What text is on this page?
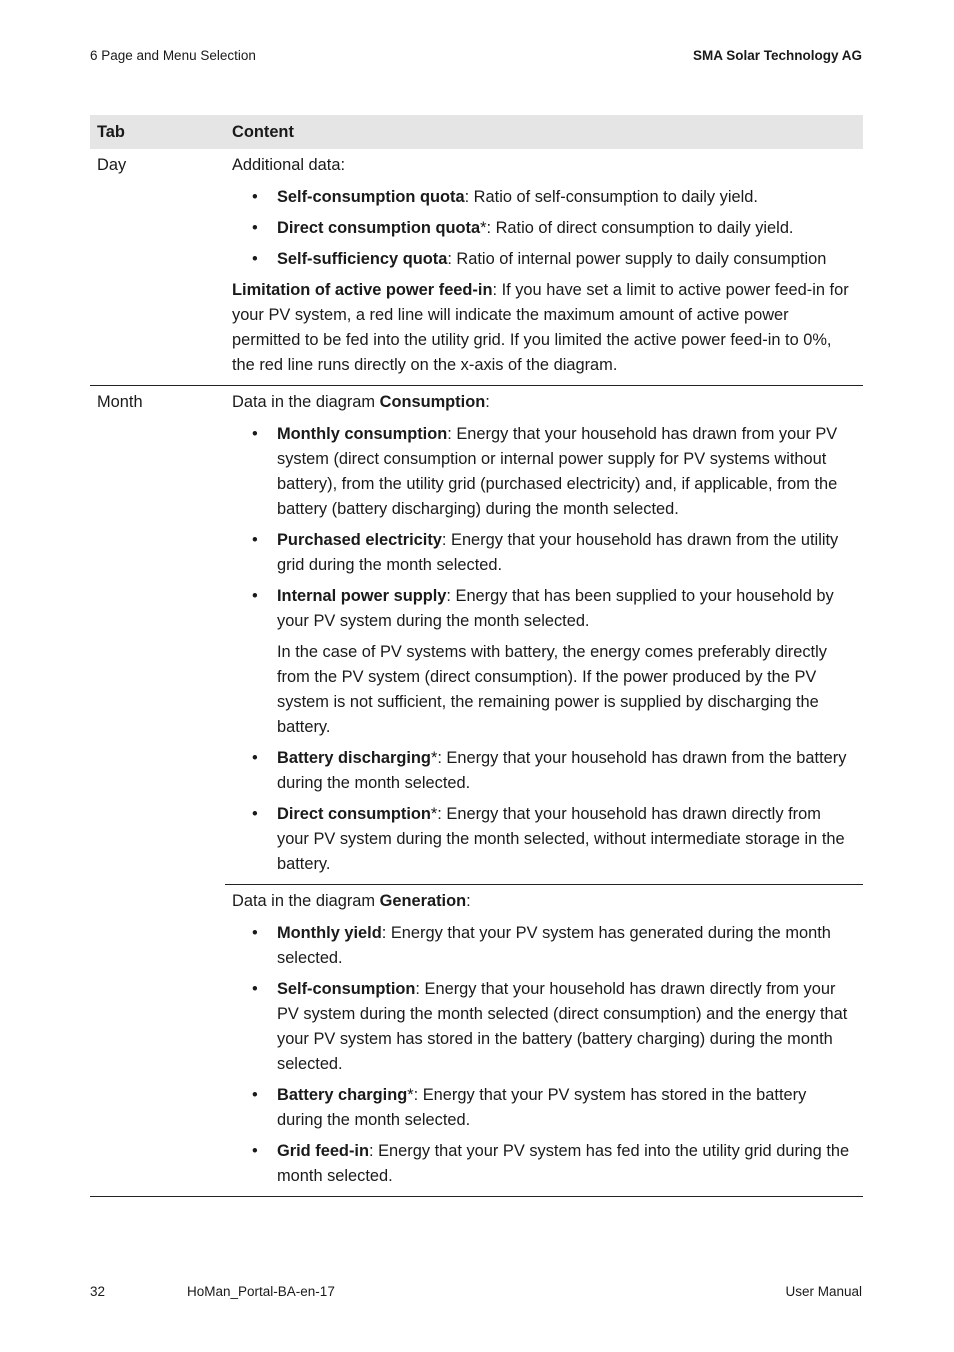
6 Page and Menu Selection	SMA Solar Technology AG
Tab	Content
Day	Additional data:

• Self-consumption quota: Ratio of self-consumption to daily yield.
• Direct consumption quota*: Ratio of direct consumption to daily yield.
• Self-sufficiency quota: Ratio of internal power supply to daily consumption

Limitation of active power feed-in: If you have set a limit to active power feed-in for your PV system, a red line will indicate the maximum amount of active power permitted to be fed into the utility grid. If you limited the active power feed-in to 0%, the red line runs directly on the x-axis of the diagram.

Month	Data in the diagram Consumption:

• Monthly consumption: Energy that your household has drawn from your PV system (direct consumption or internal power supply for PV systems without battery), from the utility grid (purchased electricity) and, if applicable, from the battery (battery discharging) during the month selected.
• Purchased electricity: Energy that your household has drawn from the utility grid during the month selected.
• Internal power supply: Energy that has been supplied to your household by your PV system during the month selected.

In the case of PV systems with battery, the energy comes preferably directly from the PV system (direct consumption). If the power produced by the PV system is not sufficient, the remaining power is supplied by discharging the battery.

• Battery discharging*: Energy that your household has drawn from the battery during the month selected.
• Direct consumption*: Energy that your household has drawn directly from your PV system during the month selected, without intermediate storage in the battery.

Data in the diagram Generation:

• Monthly yield: Energy that your PV system has generated during the month selected.
• Self-consumption: Energy that your household has drawn directly from your PV system during the month selected (direct consumption) and the energy that your PV system has stored in the battery (battery charging) during the month selected.
• Battery charging*: Energy that your PV system has stored in the battery during the month selected.
• Grid feed-in: Energy that your PV system has fed into the utility grid during the month selected.
32	HoMan_Portal-BA-en-17	User Manual
